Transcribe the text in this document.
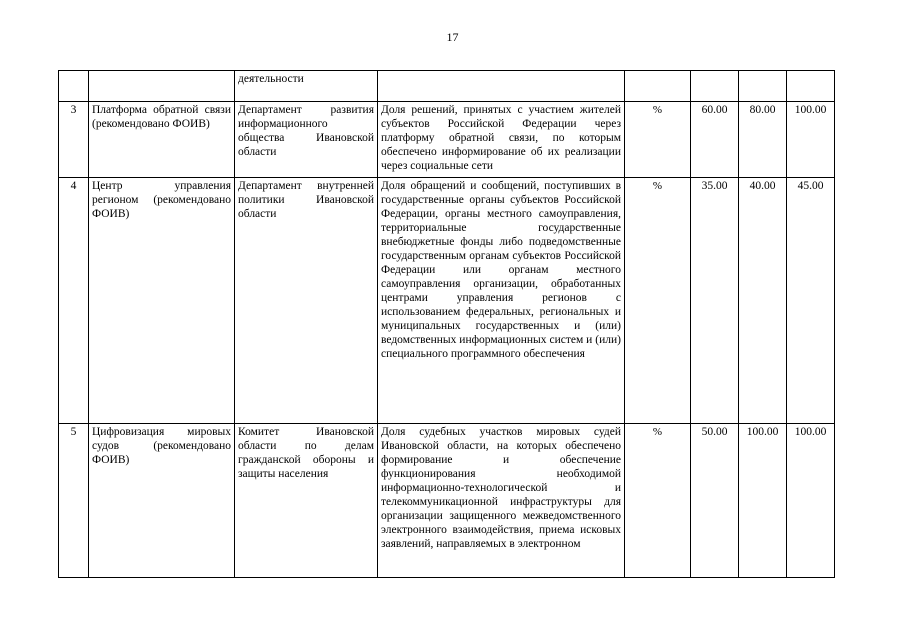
17
		деятельности					
3	Платформа обратной связи (рекомендовано ФОИВ)	Департамент развития информационного общества Ивановской области	Доля решений, принятых с участием жителей субъектов Российской Федерации через платформу обратной связи, по которым обеспечено информирование об их реализации через социальные сети	%	60.00	80.00	100.00
4	Центр управления регионом (рекомендовано ФОИВ)	Департамент внутренней политики Ивановской области	Доля обращений и сообщений, поступивших в государственные органы субъектов Российской Федерации, органы местного самоуправления, территориальные государственные внебюджетные фонды либо подведомственные государственным органам субъектов Российской Федерации или органам местного самоуправления организации, обработанных центрами управления регионов с использованием федеральных, региональных и муниципальных государственных и (или) ведомственных информационных систем и (или) специального программного обеспечения	%	35.00	40.00	45.00
5	Цифровизация мировых судов (рекомендовано ФОИВ)	Комитет Ивановской области по делам гражданской обороны и защиты населения	Доля судебных участков мировых судей Ивановской области, на которых обеспечено формирование и обеспечение функционирования необходимой информационно-технологической и телекоммуникационной инфраструктуры для организации защищенного межведомственного электронного взаимодействия, приема исковых заявлений, направляемых в электронном	%	50.00	100.00	100.00
